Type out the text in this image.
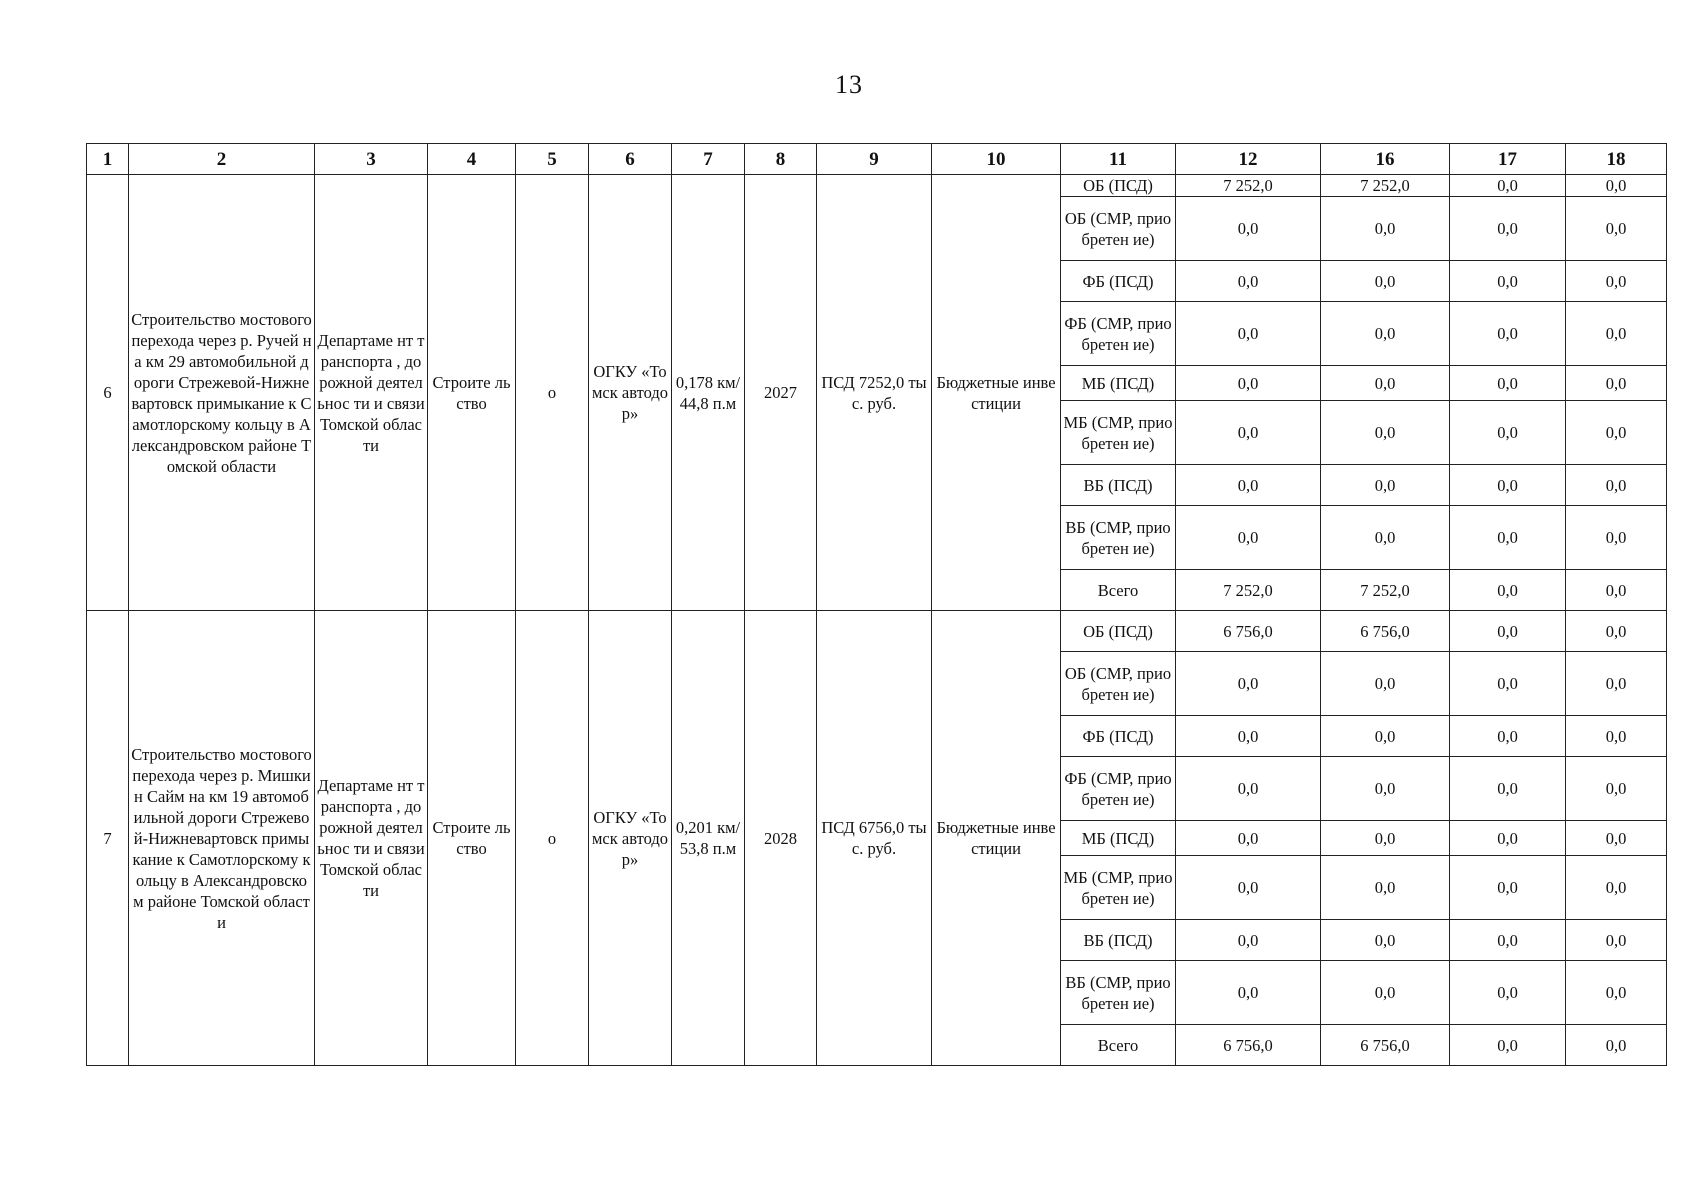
13
1	2	3	4	5	6	7	8	9	10	11	12	16	17	18
6	Строительство мостового перехода через р. Ручей на км 29 автомобильной дороги Стрежевой-Нижневартовск примыкание к Самотлорскому кольцу в Александровском районе Томской области	Департаме нт транспорта , дорожной деятельнос ти и связи Томской области	Строите льство	о	ОГКУ «Томск автодо р»	0,178 км/ 44,8 п.м	2027	ПСД 7252,0 тыс. руб.	Бюджетные инвестиции	ОБ (ПСД)	7 252,0	7 252,0	0,0	0,0
										ОБ (СМР, приобретен ие)	0,0	0,0	0,0	0,0
										ФБ (ПСД)	0,0	0,0	0,0	0,0
										ФБ (СМР, приобретен ие)	0,0	0,0	0,0	0,0
										МБ (ПСД)	0,0	0,0	0,0	0,0
										МБ (СМР, приобретен ие)	0,0	0,0	0,0	0,0
										ВБ (ПСД)	0,0	0,0	0,0	0,0
										ВБ (СМР, приобретен ие)	0,0	0,0	0,0	0,0
										Всего	7 252,0	7 252,0	0,0	0,0
7	Строительство мостового перехода через р. Мишкин Сайм на км 19 автомобильной дороги Стрежевой-Нижневартовск примыкание к Самотлорскому кольцу в Александровском районе Томской области	Департаме нт транспорта , дорожной деятельнос ти и связи Томской области	Строите льство	о	ОГКУ «Томск автодо р»	0,201 км/ 53,8 п.м	2028	ПСД 6756,0 тыс. руб.	Бюджетные инвестиции	ОБ (ПСД)	6 756,0	6 756,0	0,0	0,0
										ОБ (СМР, приобретен ие)	0,0	0,0	0,0	0,0
										ФБ (ПСД)	0,0	0,0	0,0	0,0
										ФБ (СМР, приобретен ие)	0,0	0,0	0,0	0,0
										МБ (ПСД)	0,0	0,0	0,0	0,0
										МБ (СМР, приобретен ие)	0,0	0,0	0,0	0,0
										ВБ (ПСД)	0,0	0,0	0,0	0,0
										ВБ (СМР, приобретен ие)	0,0	0,0	0,0	0,0
										Всего	6 756,0	6 756,0	0,0	0,0
